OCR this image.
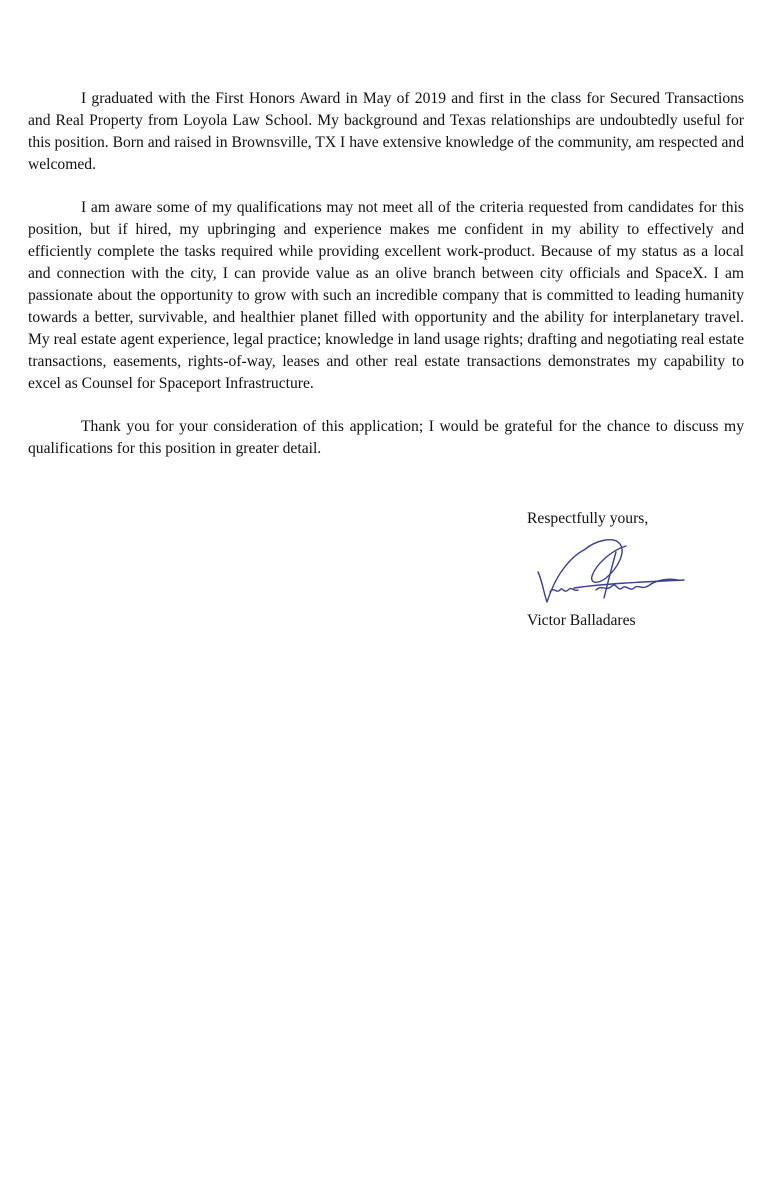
I graduated with the First Honors Award in May of 2019 and first in the class for Secured Transactions and Real Property from Loyola Law School. My background and Texas relationships are undoubtedly useful for this position. Born and raised in Brownsville, TX I have extensive knowledge of the community, am respected and welcomed.

I am aware some of my qualifications may not meet all of the criteria requested from candidates for this position, but if hired, my upbringing and experience makes me confident in my ability to effectively and efficiently complete the tasks required while providing excellent work-product. Because of my status as a local and connection with the city, I can provide value as an olive branch between city officials and SpaceX. I am passionate about the opportunity to grow with such an incredible company that is committed to leading humanity towards a better, survivable, and healthier planet filled with opportunity and the ability for interplanetary travel. My real estate agent experience, legal practice; knowledge in land usage rights; drafting and negotiating real estate transactions, easements, rights-of-way, leases and other real estate transactions demonstrates my capability to excel as Counsel for Spaceport Infrastructure.

Thank you for your consideration of this application; I would be grateful for the chance to discuss my qualifications for this position in greater detail.

Respectfully yours,
Victor Balladares
